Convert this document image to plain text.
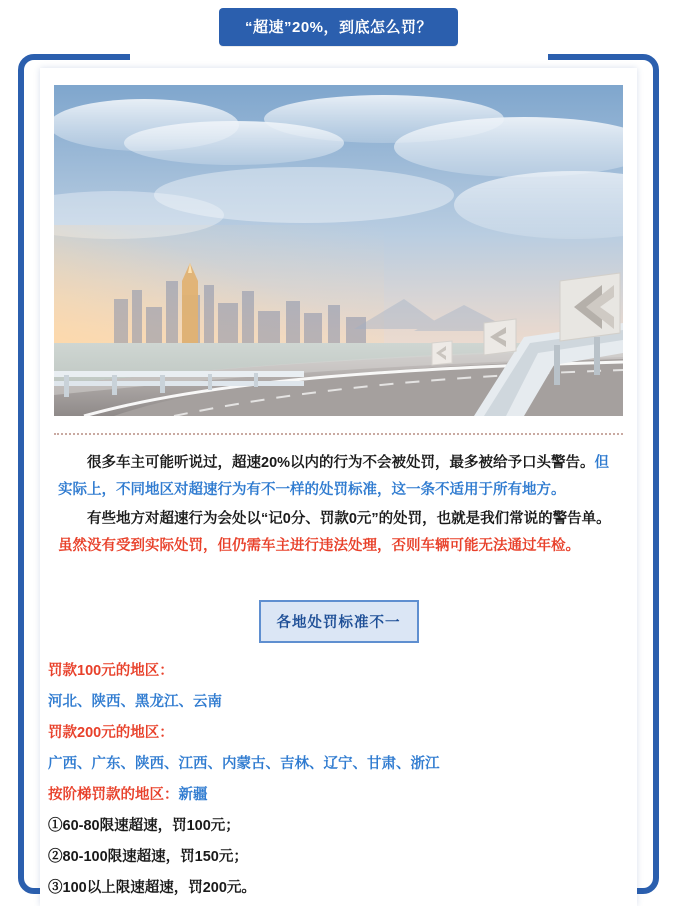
“超速”20%，到底怎么罚？

很多车主可能听说过，超速20%以内的行为不会被处罚，最多被给予口头警告。但实际上，不同地区对超速行为有不一样的处罚标准，这一条不适用于所有地方。

有些地方对超速行为会处以“记0分、罚款0元”的处罚，也就是我们常说的警告单。虽然没有受到实际处罚，但仍需车主进行违法处理，否则车辆可能无法通过年检。

各地处罚标准不一
罚款100元的地区：
河北、陕西、黑龙江、云南
罚款200元的地区：
广西、广东、陕西、江西、内蒙古、吉林、辽宁、甘肃、浙江
按阶梯罚款的地区：新疆
①60-80限速超速，罚100元；
②80-100限速超速，罚150元；
③100以上限速超速，罚200元。
